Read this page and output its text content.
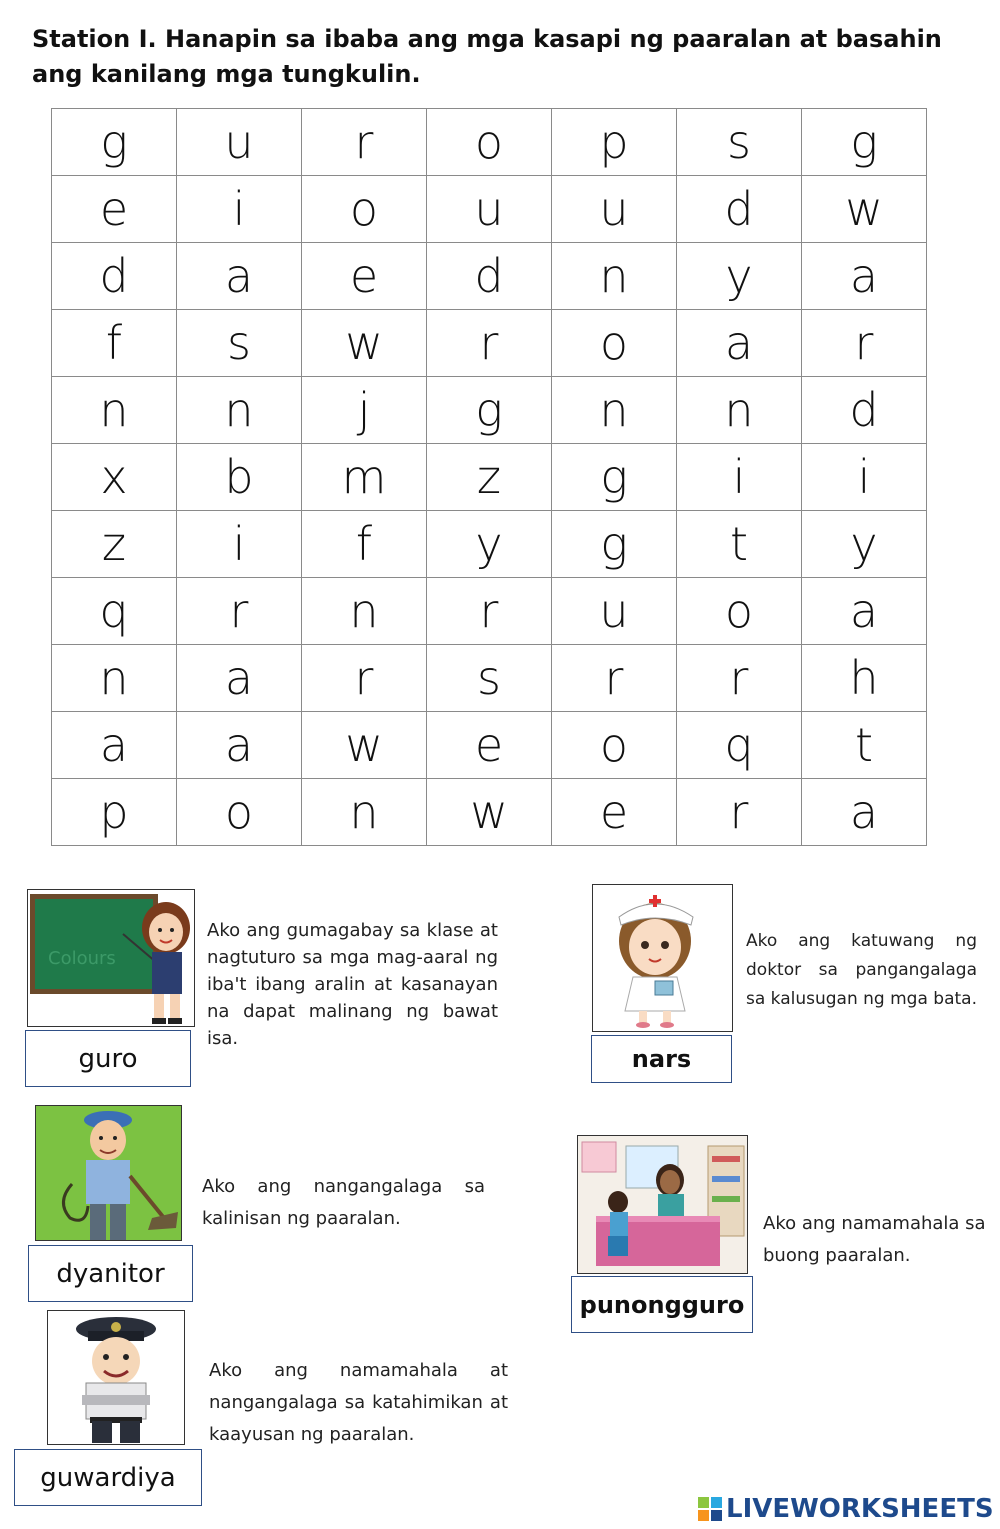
Station I. Hanapin sa ibaba ang mga kasapi ng paaralan at basahin ang kanilang mga tungkulin.
g	u	r	o	p	s	g
e	i	o	u	u	d	w
d	a	e	d	n	y	a
f	s	w	r	o	a	r
n	n	j	g	n	n	d
x	b	m	z	g	i	i
z	i	f	y	g	t	y
q	r	n	r	u	o	a
n	a	r	s	r	r	h
a	a	w	e	o	q	t
p	o	n	w	e	r	a
Colours
guro
Ako ang gumagabay sa klase at nagtuturo sa mga mag-aaral ng iba't ibang aralin at kasanayan na dapat malinang ng bawat isa.
nars
Ako ang katuwang ng doktor sa pangangalaga sa kalusugan ng mga bata.
dyanitor
Ako ang nangangalaga sa kalinisan ng paaralan.
punongguro
Ako ang namamahala sa buong paaralan.
guwardiya
Ako ang namamahala at nangangalaga sa katahimikan at kaayusan ng paaralan.
LIVEWORKSHEETS
